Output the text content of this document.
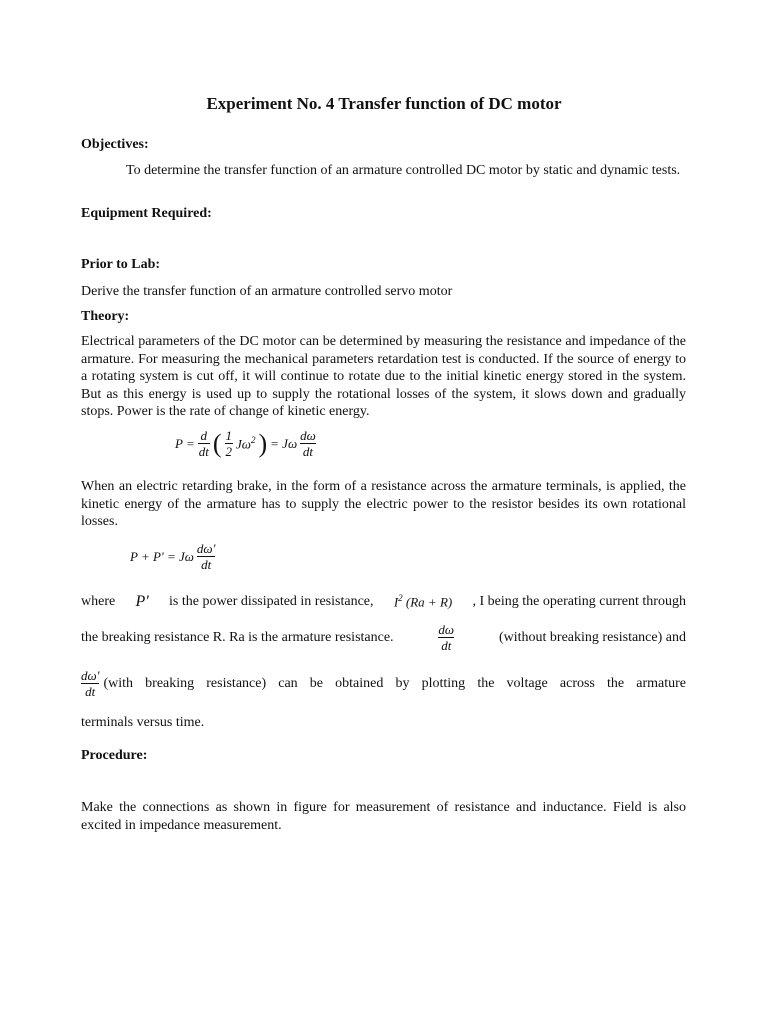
Experiment No. 4 Transfer function of DC motor
Objectives:
To determine the transfer function of an armature controlled DC motor by static and dynamic tests.
Equipment Required:
Prior to Lab:
Derive the transfer function of an armature controlled servo motor
Theory:
Electrical parameters of the DC motor can be determined by measuring the resistance and impedance of the armature. For measuring the mechanical parameters retardation test is conducted. If the source of energy to a rotating system is cut off, it will continue to rotate due to the initial kinetic energy stored in the system. But as this energy is used up to supply the rotational losses of the system, it slows down and gradually stops. Power is the rate of change of kinetic energy.
$P = \frac{d}{dt}$ ( $\frac{1}{2} J\omega^2$ ) = Jω $\frac{d\omega}{dt}$
When an electric retarding brake, in the form of a resistance across the armature terminals, is applied, the kinetic energy of the armature has to supply the electric power to the resistor besides its own rotational losses.
P + P' = Jω $\frac{d\omega'}{dt}$
where P' is the power dissipated in resistance, $I^2$ (Ra + R) , I being the operating current through
the breaking resistance R. Ra is the armature resistance.	$\frac{d\omega}{dt}$	(without breaking resistance) and
$\frac{d\omega'}{dt}$ (with breaking resistance) can be obtained by plotting the voltage across the armature
terminals versus time.
Procedure:
Make the connections as shown in figure for measurement of resistance and inductance. Field is also excited in impedance measurement.
